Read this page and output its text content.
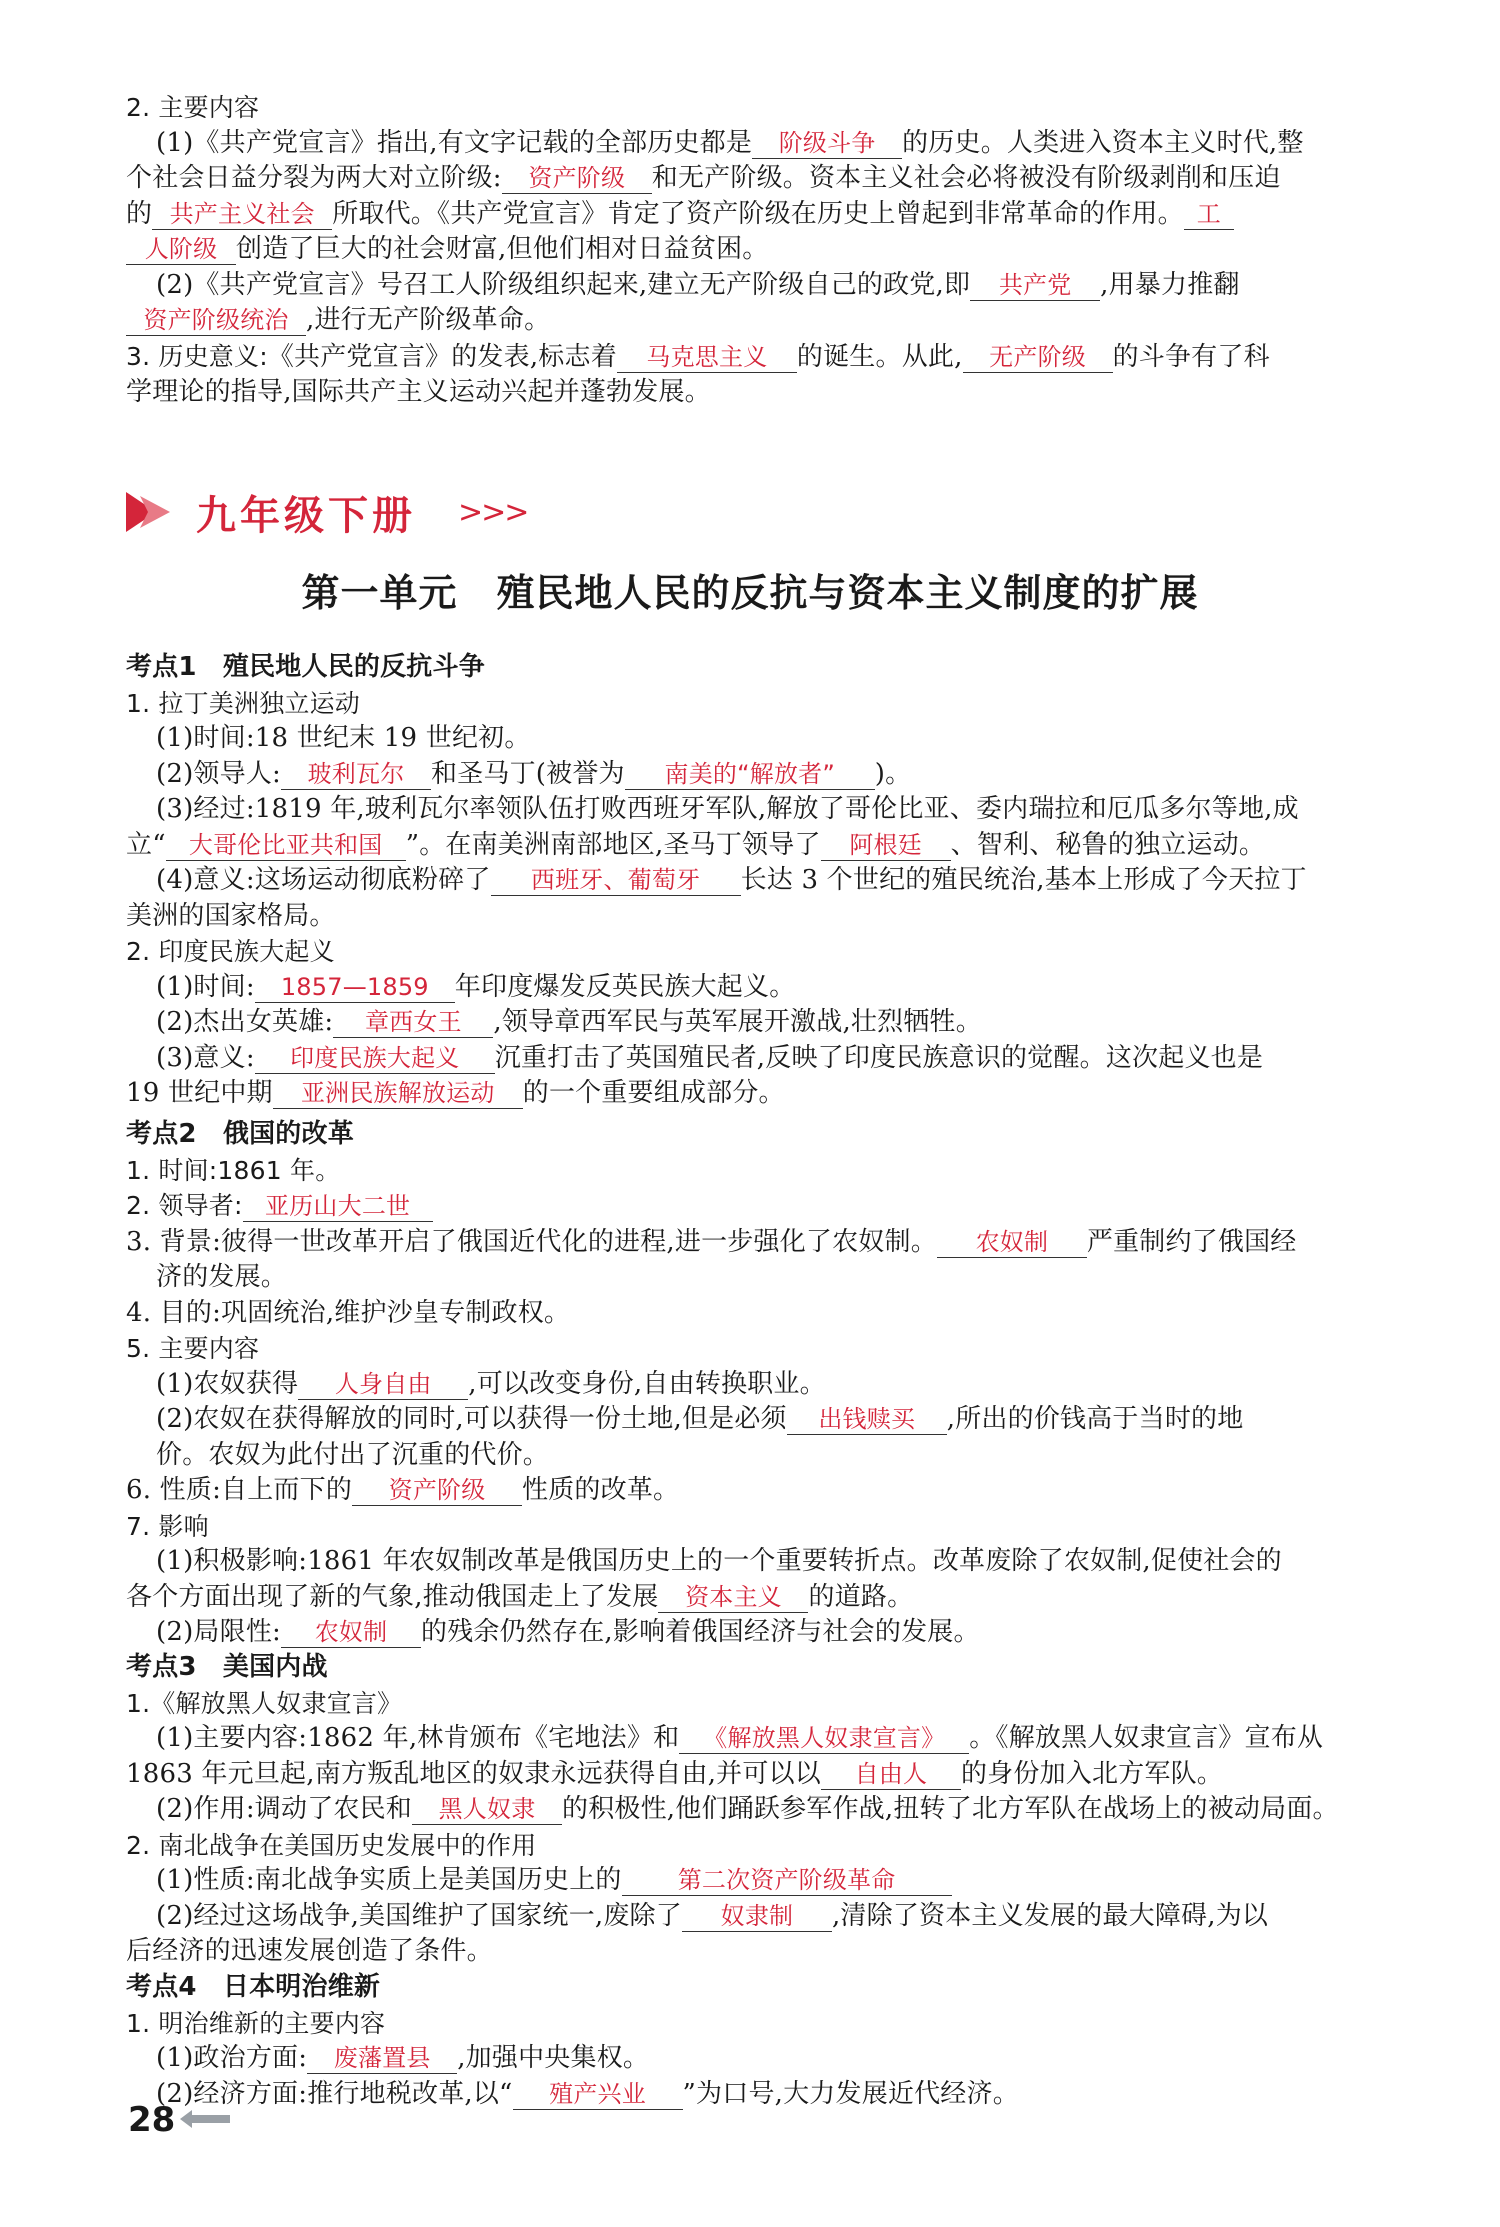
2. 主要内容
(1)《共产党宣言》指出,有文字记载的全部历史都是 阶级斗争 的历史。人类进入资本主义时代,整
个社会日益分裂为两大对立阶级: 资产阶级 和无产阶级。资本主义社会必将被没有阶级剥削和压迫
的 共产主义社会 所取代。《共产党宣言》肯定了资产阶级在历史上曾起到非常革命的作用。 工
人阶级 创造了巨大的社会财富,但他们相对日益贫困。
(2)《共产党宣言》号召工人阶级组织起来,建立无产阶级自己的政党,即 共产党 ,用暴力推翻
资产阶级统治 ,进行无产阶级革命。
3. 历史意义:《共产党宣言》的发表,标志着 马克思主义 的诞生。从此, 无产阶级 的斗争有了科
学理论的指导,国际共产主义运动兴起并蓬勃发展。
九年级下册 >>>
第一单元　殖民地人民的反抗与资本主义制度的扩展
考点1　殖民地人民的反抗斗争
1. 拉丁美洲独立运动
(1)时间:18 世纪末 19 世纪初。
(2)领导人: 玻利瓦尔 和圣马丁(被誉为 南美的“解放者” )。
(3)经过:1819 年,玻利瓦尔率领队伍打败西班牙军队,解放了哥伦比亚、委内瑞拉和厄瓜多尔等地,成
立“ 大哥伦比亚共和国 ”。在南美洲南部地区,圣马丁领导了 阿根廷 、智利、秘鲁的独立运动。
(4)意义:这场运动彻底粉碎了 西班牙、葡萄牙 长达 3 个世纪的殖民统治,基本上形成了今天拉丁
美洲的国家格局。
2. 印度民族大起义
(1)时间: 1857—1859 年印度爆发反英民族大起义。
(2)杰出女英雄: 章西女王 ,领导章西军民与英军展开激战,壮烈牺牲。
(3)意义: 印度民族大起义 沉重打击了英国殖民者,反映了印度民族意识的觉醒。这次起义也是
19 世纪中期 亚洲民族解放运动 的一个重要组成部分。
考点2　俄国的改革
1. 时间:1861 年。
2. 领导者: 亚历山大二世
3. 背景:彼得一世改革开启了俄国近代化的进程,进一步强化了农奴制。 农奴制 严重制约了俄国经
济的发展。
4. 目的:巩固统治,维护沙皇专制政权。
5. 主要内容
(1)农奴获得 人身自由 ,可以改变身份,自由转换职业。
(2)农奴在获得解放的同时,可以获得一份土地,但是必须 出钱赎买 ,所出的价钱高于当时的地
价。农奴为此付出了沉重的代价。
6. 性质:自上而下的 资产阶级 性质的改革。
7. 影响
(1)积极影响:1861 年农奴制改革是俄国历史上的一个重要转折点。改革废除了农奴制,促使社会的
各个方面出现了新的气象,推动俄国走上了发展 资本主义 的道路。
(2)局限性: 农奴制 的残余仍然存在,影响着俄国经济与社会的发展。
考点3　美国内战
1.《解放黑人奴隶宣言》
(1)主要内容:1862 年,林肯颁布《宅地法》和 《解放黑人奴隶宣言》 。《解放黑人奴隶宣言》宣布从
1863 年元旦起,南方叛乱地区的奴隶永远获得自由,并可以以 自由人 的身份加入北方军队。
(2)作用:调动了农民和 黑人奴隶 的积极性,他们踊跃参军作战,扭转了北方军队在战场上的被动局面。
2. 南北战争在美国历史发展中的作用
(1)性质:南北战争实质上是美国历史上的 第二次资产阶级革命
(2)经过这场战争,美国维护了国家统一,废除了 奴隶制 ,清除了资本主义发展的最大障碍,为以
后经济的迅速发展创造了条件。
考点4　日本明治维新
1. 明治维新的主要内容
(1)政治方面: 废藩置县 ,加强中央集权。
(2)经济方面:推行地税改革,以“ 殖产兴业 ”为口号,大力发展近代经济。
28
